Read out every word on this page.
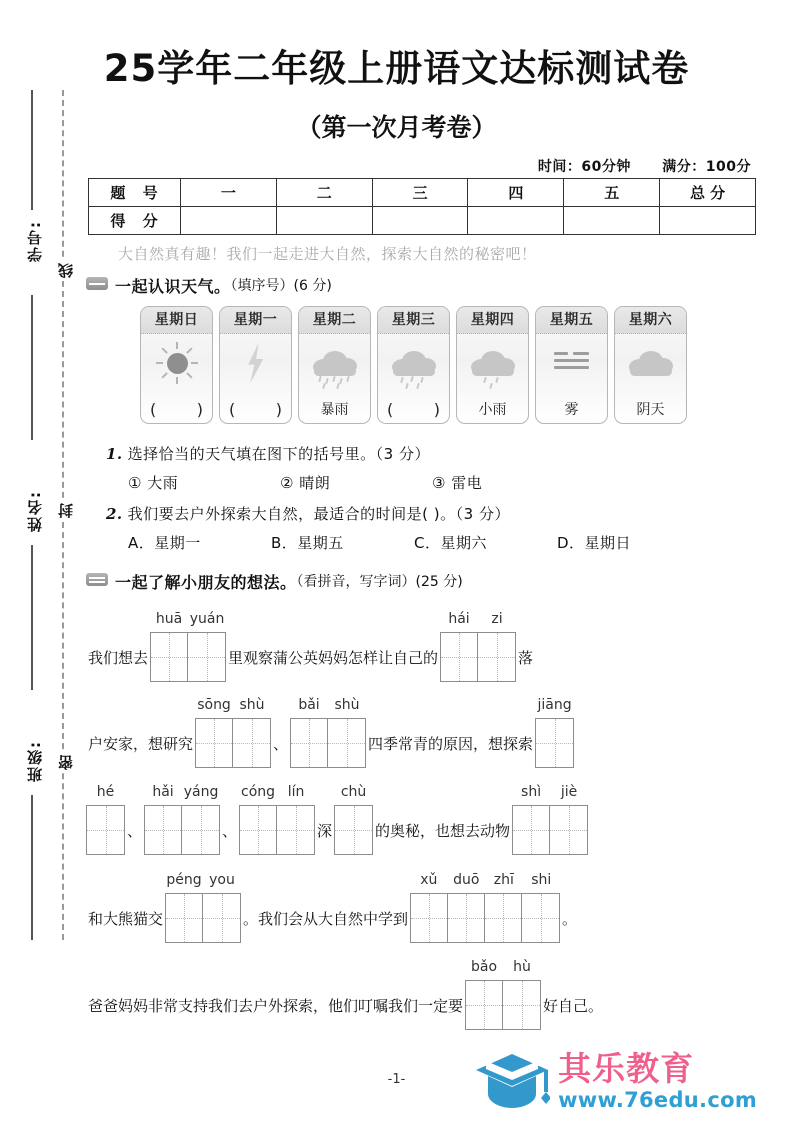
学号:
线
姓名: 封
班级: 密
25学年二年级上册语文达标测试卷
（第一次月考卷）
时间：60分钟 满分：100分
题 号	一	二	三	四	五	总 分
得 分						
大自然真有趣！我们一起走进大自然，探索大自然的秘密吧！
一起认识天气。（填序号）(6 分)
星期日
(	)
星期一
(	)
星期二
暴雨
星期三
(	)
星期四
小雨
星期五
雾
星期六
阴天
1. 选择恰当的天气填在图下的括号里。（3 分）
① 大雨	② 晴朗	③ 雷电
2. 我们要去户外探索大自然，最适合的时间是( )。（3 分）
A．星期一	B．星期五	C．星期六	D．星期日
一起了解小朋友的想法。（看拼音，写字词）(25 分)
我们想去
huā yuán
里观察蒲公英妈妈怎样让自己的
hái	zi
落
户安家，想研究
sōng shù
、
bǎi	shù
四季常青的原因，想探索
jiāng
hé
、
hǎi yáng
、
cóng lín
深
chù
的奥秘，也想去动物
shì	jiè
和大熊猫交
péng you
。我们会从大自然中学到
xǔ	duō	zhī	shi
。
爸爸妈妈非常支持我们去户外探索，他们叮嘱我们一定要
bǎo	hù
好自己。
-1-	其乐教育
www.76edu.com
